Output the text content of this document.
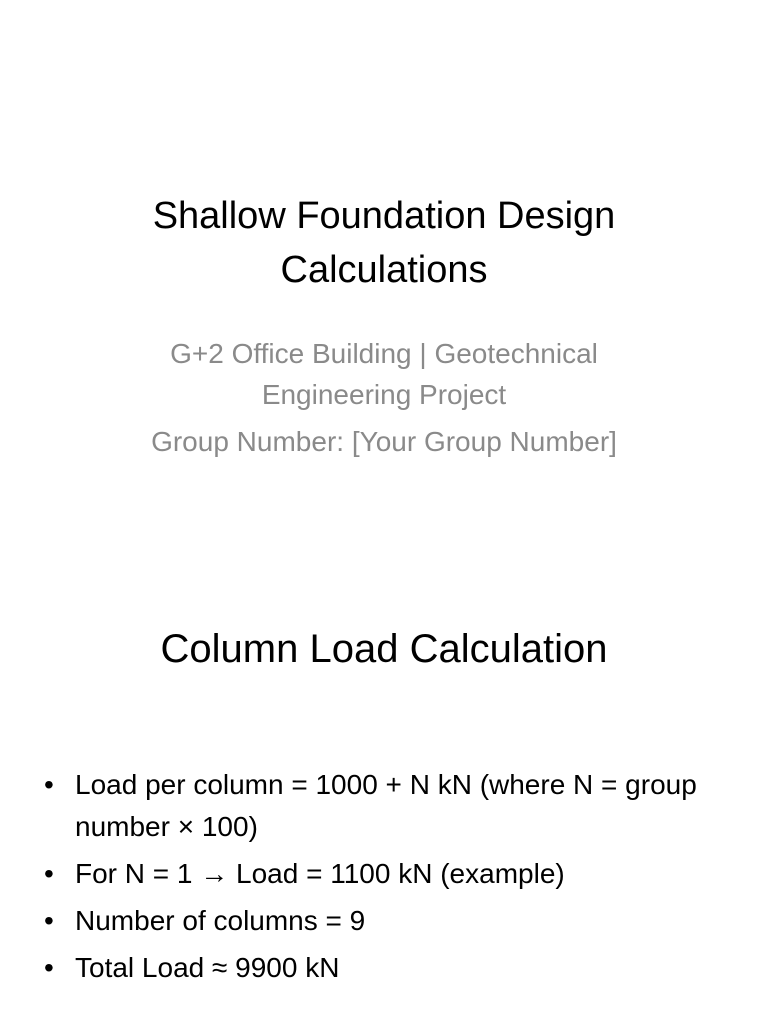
Shallow Foundation Design Calculations

G+2 Office Building | Geotechnical Engineering Project

Group Number: [Your Group Number]

Column Load Calculation
• Load per column = 1000 + N kN (where N = group number × 100)
• For N = 1 → Load = 1100 kN (example)
• Number of columns = 9
• Total Load ≈ 9900 kN
